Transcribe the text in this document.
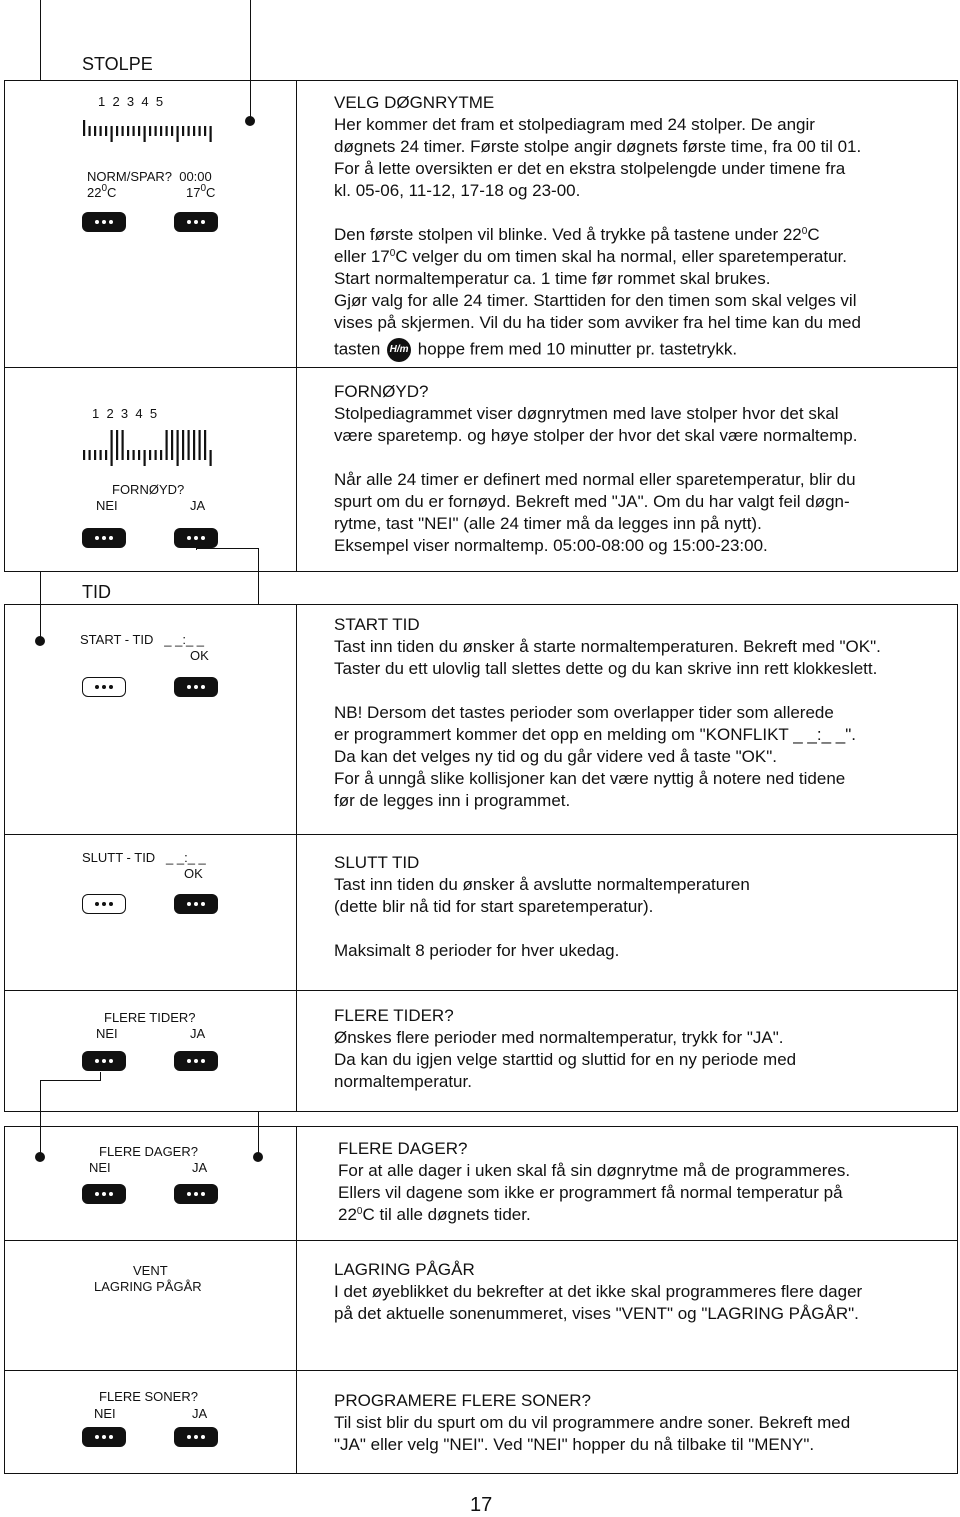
STOLPE
TID
1  2  3  4  5
NORM/SPAR?  00:00
$22^0C$	$17^0C$

VELG DØGNRYTME

Her kommer det fram et stolpediagram med 24 stolper. De angir

døgnets 24 timer. Første stolpe angir døgnets første time, fra 00 til 01.

For å lette oversikten er det en ekstra stolpelengde under timene fra

kl. 05-06, 11-12, 17-18 og 23-00.

Den første stolpen vil blinke. Ved å trykke på tastene under $22^0C$

eller $17^0C$ velger du om timen skal ha normal, eller sparetemperatur.

Start normaltemperatur ca. 1 time før rommet skal brukes.

Gjør valg for alle 24 timer. Starttiden for den timen som skal velges vil

vises på skjermen. Vil du ha tider som avviker fra hel time kan du med

tasten H/m hoppe frem med 10 minutter pr. tastetrykk.

1  2  3  4  5
FORNØYD?
NEI	JA

FORNØYD?

Stolpediagrammet viser døgnrytmen med lave stolper hvor det skal

være sparetemp. og høye stolper der hvor det skal være normaltemp.

Når alle 24 timer er definert med normal eller sparetemperatur, blir du

spurt om du er fornøyd. Bekreft med "JA". Om du har valgt feil døgn-

rytme, tast "NEI" (alle 24 timer må da legges inn på nytt).

Eksempel viser normaltemp. 05:00-08:00 og 15:00-23:00.

START - TID   _ _:_ _
OK

START TID

Tast inn tiden du ønsker å starte normaltemperaturen. Bekreft med "OK".

Taster du ett ulovlig tall slettes dette og du kan skrive inn rett klokkeslett.

NB! Dersom det tastes perioder som overlapper tider som allerede

er programmert kommer det opp en melding om "KONFLIKT _ _:_ _".

Da kan det velges ny tid og du går videre ved å taste "OK".

For å unngå slike kollisjoner kan det være nyttig å notere ned tidene

før de legges inn i programmet.

SLUTT - TID   _ _:_ _
OK

SLUTT TID

Tast inn tiden du ønsker å avslutte normaltemperaturen

(dette blir nå tid for start sparetemperatur).

Maksimalt 8 perioder for hver ukedag.

FLERE TIDER?
NEI	JA

FLERE TIDER?

Ønskes flere perioder med normaltemperatur, trykk for "JA".

Da kan du igjen velge starttid og sluttid for en ny periode med

normaltemperatur.

FLERE DAGER?
NEI	JA

FLERE DAGER?

For at alle dager i uken skal få sin døgnrytme må de programmeres.

Ellers vil dagene som ikke er programmert få normal temperatur på

$22^0C$ til alle døgnets tider.

VENT
LAGRING PÅGÅR

LAGRING PÅGÅR

I det øyeblikket du bekrefter at det ikke skal programmeres flere dager

på det aktuelle sonenummeret, vises "VENT" og "LAGRING PÅGÅR".

FLERE SONER?
NEI	JA

PROGRAMERE FLERE SONER?

Til sist blir du spurt om du vil programmere andre soner. Bekreft med

"JA" eller velg "NEI". Ved "NEI" hopper du nå tilbake til "MENY".

17
